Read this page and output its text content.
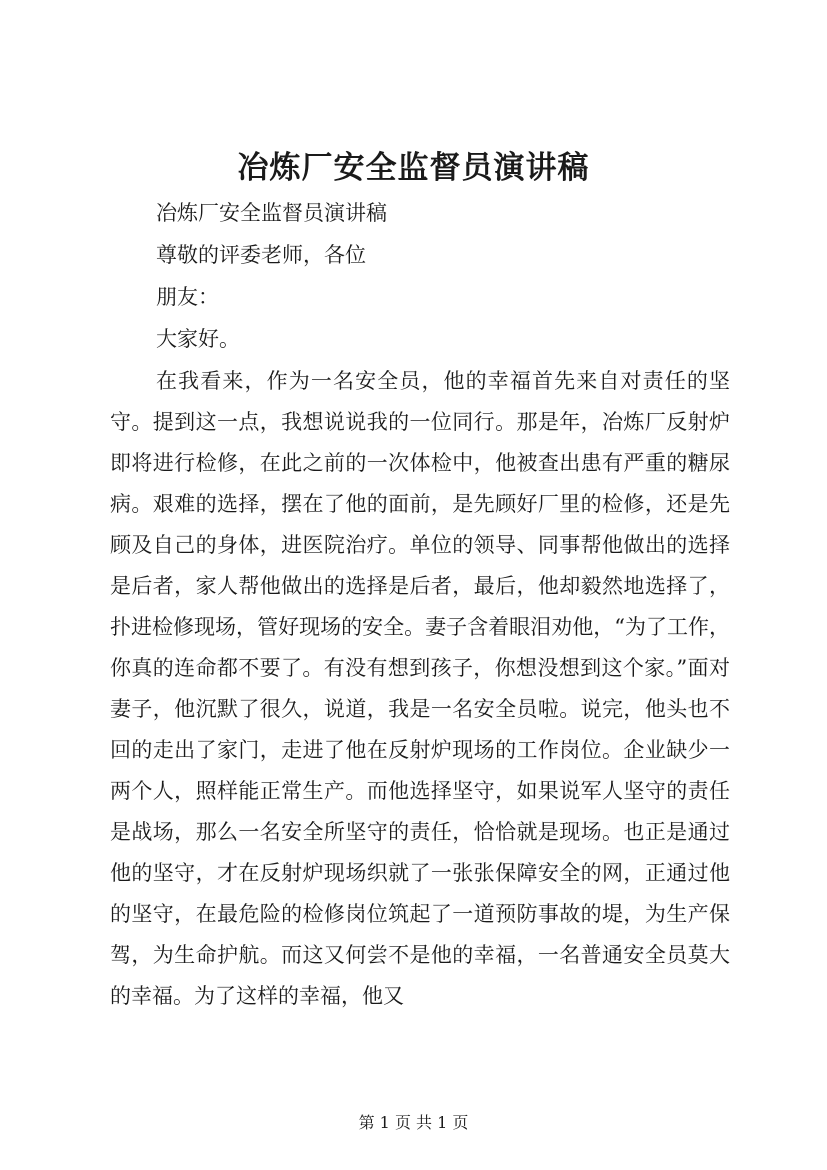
冶炼厂安全监督员演讲稿
冶炼厂安全监督员演讲稿
尊敬的评委老师，各位
朋友：
大家好。

在我看来，作为一名安全员，他的幸福首先来自对责任的坚守。提到这一点，我想说说我的一位同行。那是年，冶炼厂反射炉即将进行检修，在此之前的一次体检中，他被查出患有严重的糖尿病。艰难的选择，摆在了他的面前，是先顾好厂里的检修，还是先顾及自己的身体，进医院治疗。单位的领导、同事帮他做出的选择是后者，家人帮他做出的选择是后者，最后，他却毅然地选择了，扑进检修现场，管好现场的安全。妻子含着眼泪劝他，“为了工作，你真的连命都不要了。有没有想到孩子，你想没想到这个家。”面对妻子，他沉默了很久，说道，我是一名安全员啦。说完，他头也不回的走出了家门，走进了他在反射炉现场的工作岗位。企业缺少一两个人，照样能正常生产。而他选择坚守，如果说军人坚守的责任是战场，那么一名安全所坚守的责任，恰恰就是现场。也正是通过他的坚守，才在反射炉现场织就了一张张保障安全的网，正通过他的坚守，在最危险的检修岗位筑起了一道预防事故的堤，为生产保驾，为生命护航。而这又何尝不是他的幸福，一名普通安全员莫大的幸福。为了这样的幸福，他又

第 1 页 共 1 页
